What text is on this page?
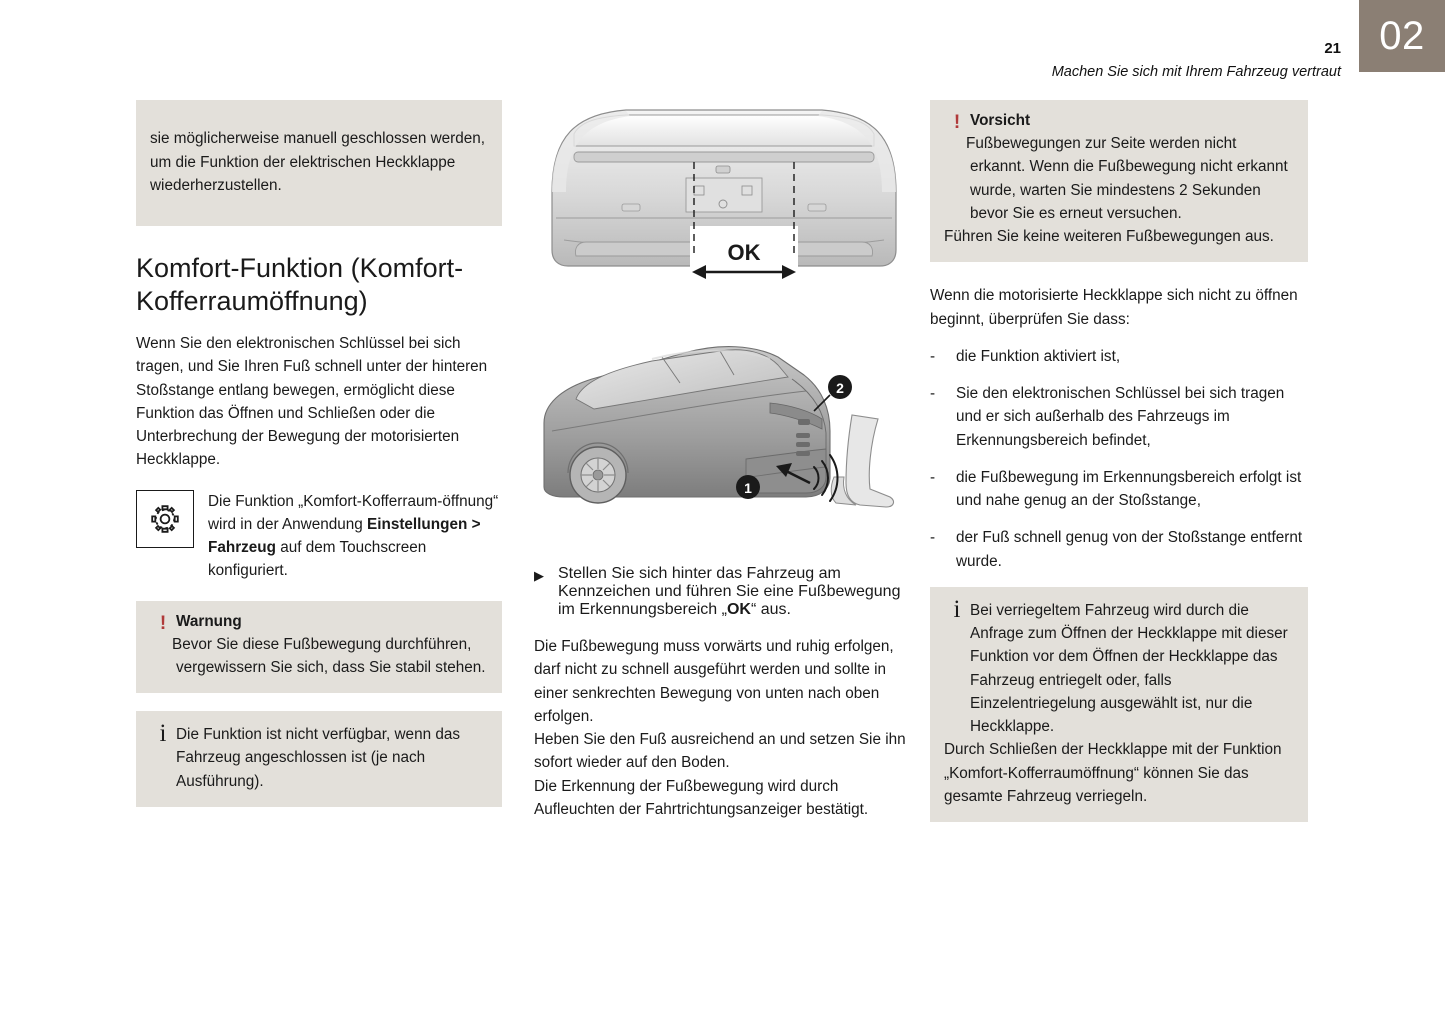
02
21
Machen Sie sich mit Ihrem Fahrzeug vertraut

sie möglicherweise manuell geschlossen werden, um die Funktion der elektrischen Heckklappe wiederherzustellen.

Komfort-Funktion (Komfort-Kofferraumöffnung)

Wenn Sie den elektronischen Schlüssel bei sich tragen, und Sie Ihren Fuß schnell unter der hinteren Stoßstange entlang bewegen, ermöglicht diese Funktion das Öffnen und Schließen oder die Unterbrechung der Bewegung der motorisierten Heckklappe.

Die Funktion „Komfort-Kofferraum-öffnung“ wird in der Anwendung Einstellungen > Fahrzeug auf dem Touchscreen konfiguriert.
! Warnung

Bevor Sie diese Fußbewegung durchführen, vergewissern Sie sich, dass Sie stabil stehen.

i Die Funktion ist nicht verfügbar, wenn das Fahrzeug angeschlossen ist (je nach Ausführung).

OK
1
2
▶ Stellen Sie sich hinter das Fahrzeug am Kennzeichen und führen Sie eine Fußbewegung im Erkennungsbereich „OK“ aus.

Die Fußbewegung muss vorwärts und ruhig erfolgen, darf nicht zu schnell ausgeführt werden und sollte in einer senkrechten Bewegung von unten nach oben erfolgen.

Heben Sie den Fuß ausreichend an und setzen Sie ihn sofort wieder auf den Boden.

Die Erkennung der Fußbewegung wird durch Aufleuchten der Fahrtrichtungsanzeiger bestätigt.

! Vorsicht

Fußbewegungen zur Seite werden nicht erkannt. Wenn die Fußbewegung nicht erkannt wurde, warten Sie mindestens 2 Sekunden bevor Sie es erneut versuchen.

Führen Sie keine weiteren Fußbewegungen aus.

Wenn die motorisierte Heckklappe sich nicht zu öffnen beginnt, überprüfen Sie dass:

-	die Funktion aktiviert ist,
-	Sie den elektronischen Schlüssel bei sich tragen und er sich außerhalb des Fahrzeugs im Erkennungsbereich befindet,
-	die Fußbewegung im Erkennungsbereich erfolgt ist und nahe genug an der Stoßstange,
-	der Fuß schnell genug von der Stoßstange entfernt wurde.
i Bei verriegeltem Fahrzeug wird durch die Anfrage zum Öffnen der Heckklappe mit dieser Funktion vor dem Öffnen der Heckklappe das Fahrzeug entriegelt oder, falls Einzelentriegelung ausgewählt ist, nur die Heckklappe.

Durch Schließen der Heckklappe mit der Funktion „Komfort-Kofferraumöffnung“ können Sie das gesamte Fahrzeug verriegeln.
